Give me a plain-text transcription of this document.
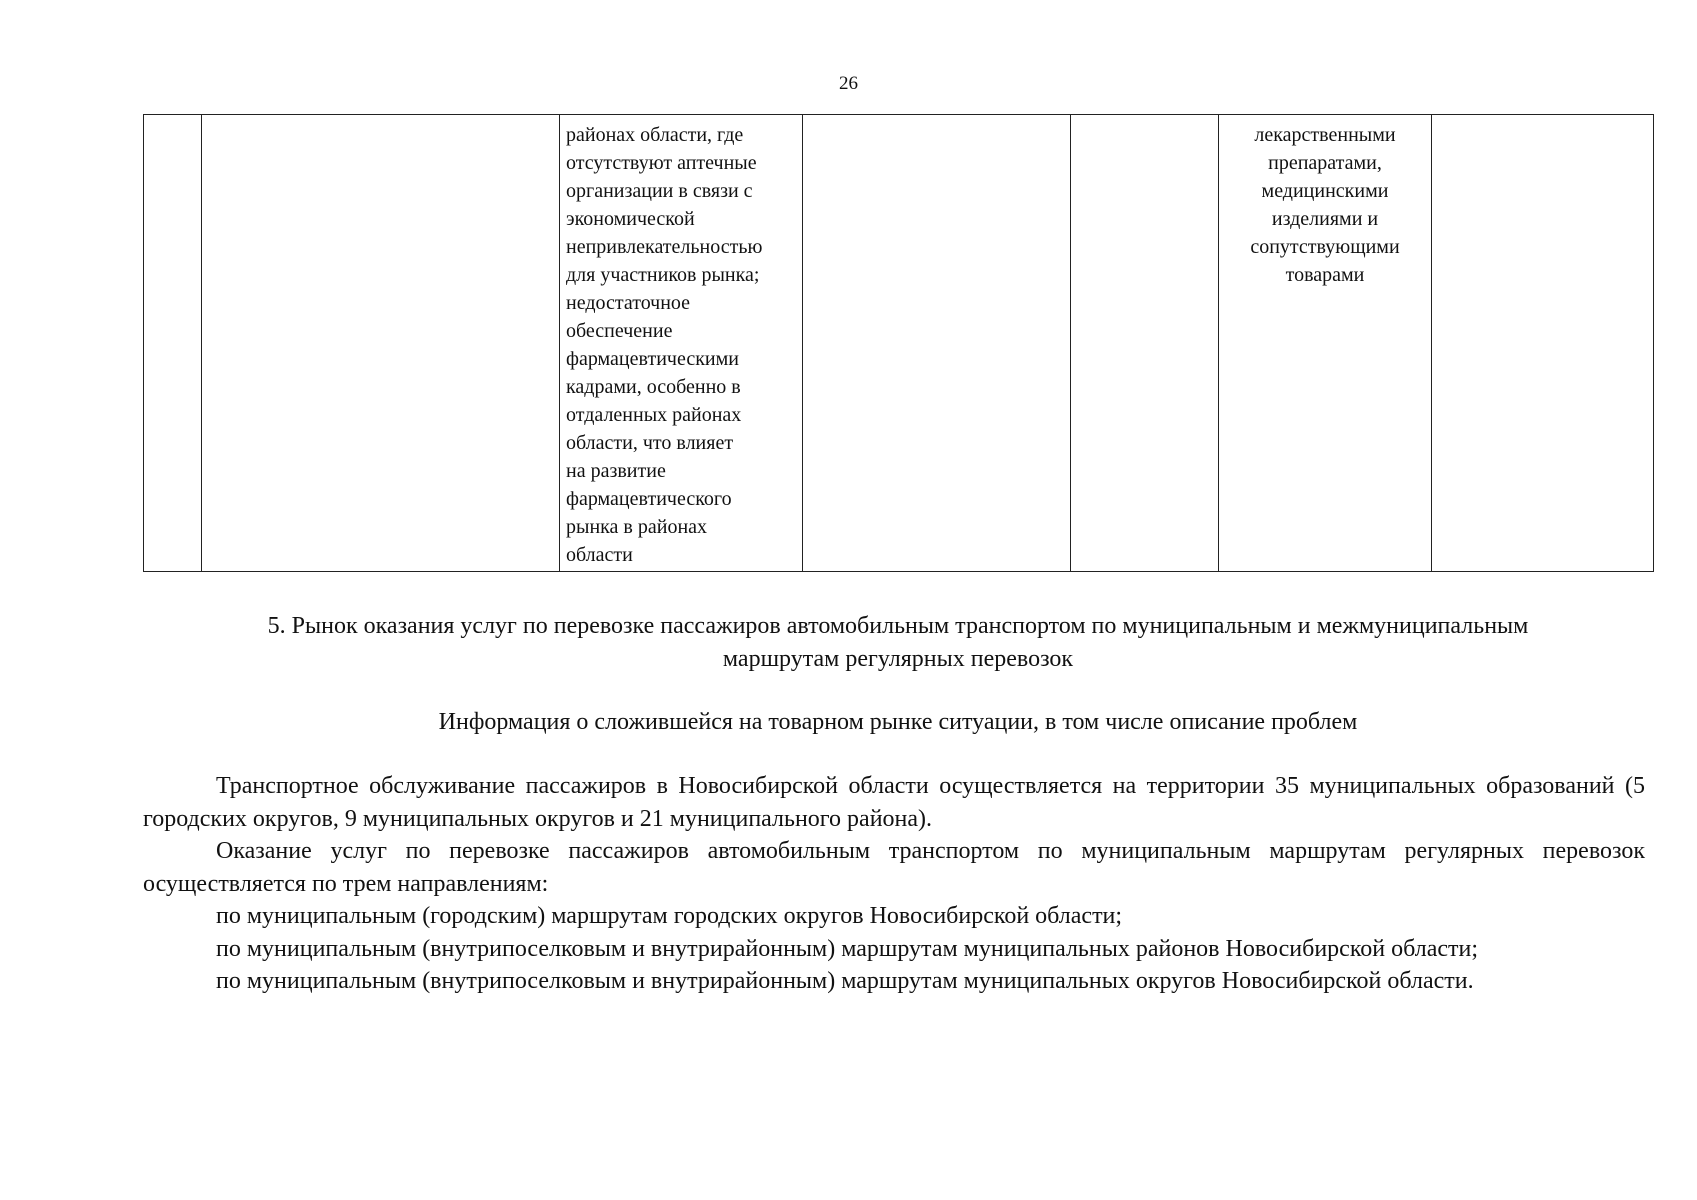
26
		районах области, где
отсутствуют аптечные
организации в связи с
экономической
непривлекательностью
для участников рынка;
недостаточное
обеспечение
фармацевтическими
кадрами, особенно в
отдаленных районах
области, что влияет
на развитие
фармацевтического
рынка в районах
области			лекарственными
препаратами,
медицинскими
изделиями и
сопутствующими
товарами	
5. Рынок оказания услуг по перевозке пассажиров автомобильным транспортом по муниципальным и межмуниципальным
маршрутам регулярных перевозок
Информация о сложившейся на товарном рынке ситуации, в том числе описание проблем

Транспортное обслуживание пассажиров в Новосибирской области осуществляется на территории 35 муниципальных образований (5 городских округов, 9 муниципальных округов и 21 муниципального района).

Оказание услуг по перевозке пассажиров автомобильным транспортом по муниципальным маршрутам регулярных перевозок осуществляется по трем направлениям:

по муниципальным (городским) маршрутам городских округов Новосибирской области;

по муниципальным (внутрипоселковым и внутрирайонным) маршрутам муниципальных районов Новосибирской области;

по муниципальным (внутрипоселковым и внутрирайонным) маршрутам муниципальных округов Новосибирской области.
